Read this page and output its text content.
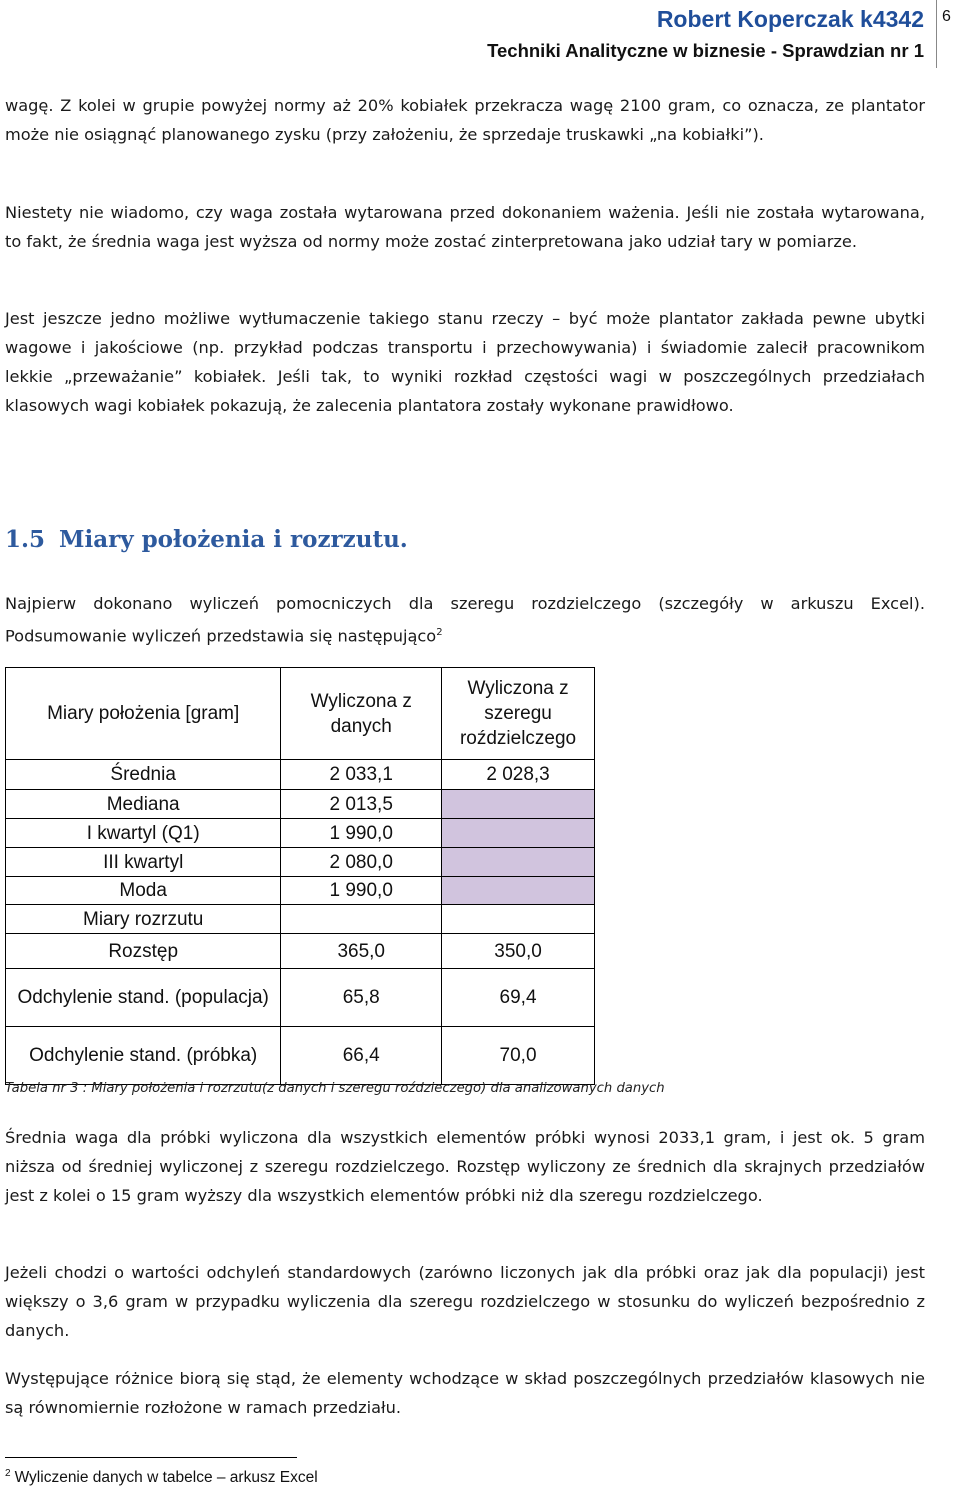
Robert Koperczak k4342
Techniki Analityczne w biznesie - Sprawdzian nr 1
6

wagę. Z kolei w grupie powyżej normy aż 20% kobiałek przekracza wagę 2100 gram, co oznacza, ze plantator może nie osiągnąć planowanego zysku (przy założeniu, że sprzedaje truskawki „na kobiałki”).

Niestety nie wiadomo, czy waga została wytarowana przed dokonaniem ważenia. Jeśli nie została wytarowana, to fakt, że średnia waga jest wyższa od normy może zostać zinterpretowana jako udział tary w pomiarze.

Jest jeszcze jedno możliwe wytłumaczenie takiego stanu rzeczy – być może plantator zakłada pewne ubytki wagowe i jakościowe (np. przykład podczas transportu i przechowywania) i świadomie zalecił pracownikom lekkie „przeważanie” kobiałek. Jeśli tak, to wyniki rozkład częstości wagi w poszczególnych przedziałach klasowych wagi kobiałek pokazują, że zalecenia plantatora zostały wykonane prawidłowo.

1.5 Miary położenia i rozrzutu.

Najpierw dokonano wyliczeń pomocniczych dla szeregu rozdzielczego (szczegóły w arkuszu Excel). Podsumowanie wyliczeń przedstawia się następująco$^2$

Miary położenia [gram]	Wyliczona z danych	Wyliczona z szeregu roździelczego
Średnia	2 033,1	2 028,3
Mediana	2 013,5	
I kwartyl (Q1)	1 990,0	
III kwartyl	2 080,0	
Moda	1 990,0	
Miary rozrzutu		
Rozstęp	365,0	350,0
Odchylenie stand. (populacja)	65,8	69,4
Odchylenie stand. (próbka)	66,4	70,0
Tabela nr 3 : Miary położenia i rozrzutu(z danych i szeregu roździeczego) dla analizowanych danych

Średnia waga dla próbki wyliczona dla wszystkich elementów próbki wynosi 2033,1 gram, i jest ok. 5 gram niższa od średniej wyliczonej z szeregu rozdzielczego. Rozstęp wyliczony ze średnich dla skrajnych przedziałów jest z kolei o 15 gram wyższy dla wszystkich elementów próbki niż dla szeregu rozdzielczego.

Jeżeli chodzi o wartości odchyleń standardowych (zarówno liczonych jak dla próbki oraz jak dla populacji) jest większy o 3,6 gram w przypadku wyliczenia dla szeregu rozdzielczego w stosunku do wyliczeń bezpośrednio z danych.

Występujące różnice biorą się stąd, że elementy wchodzące w skład poszczególnych przedziałów klasowych nie są równomiernie rozłożone w ramach przedziału.

$^2$ Wyliczenie danych w tabelce – arkusz Excel
